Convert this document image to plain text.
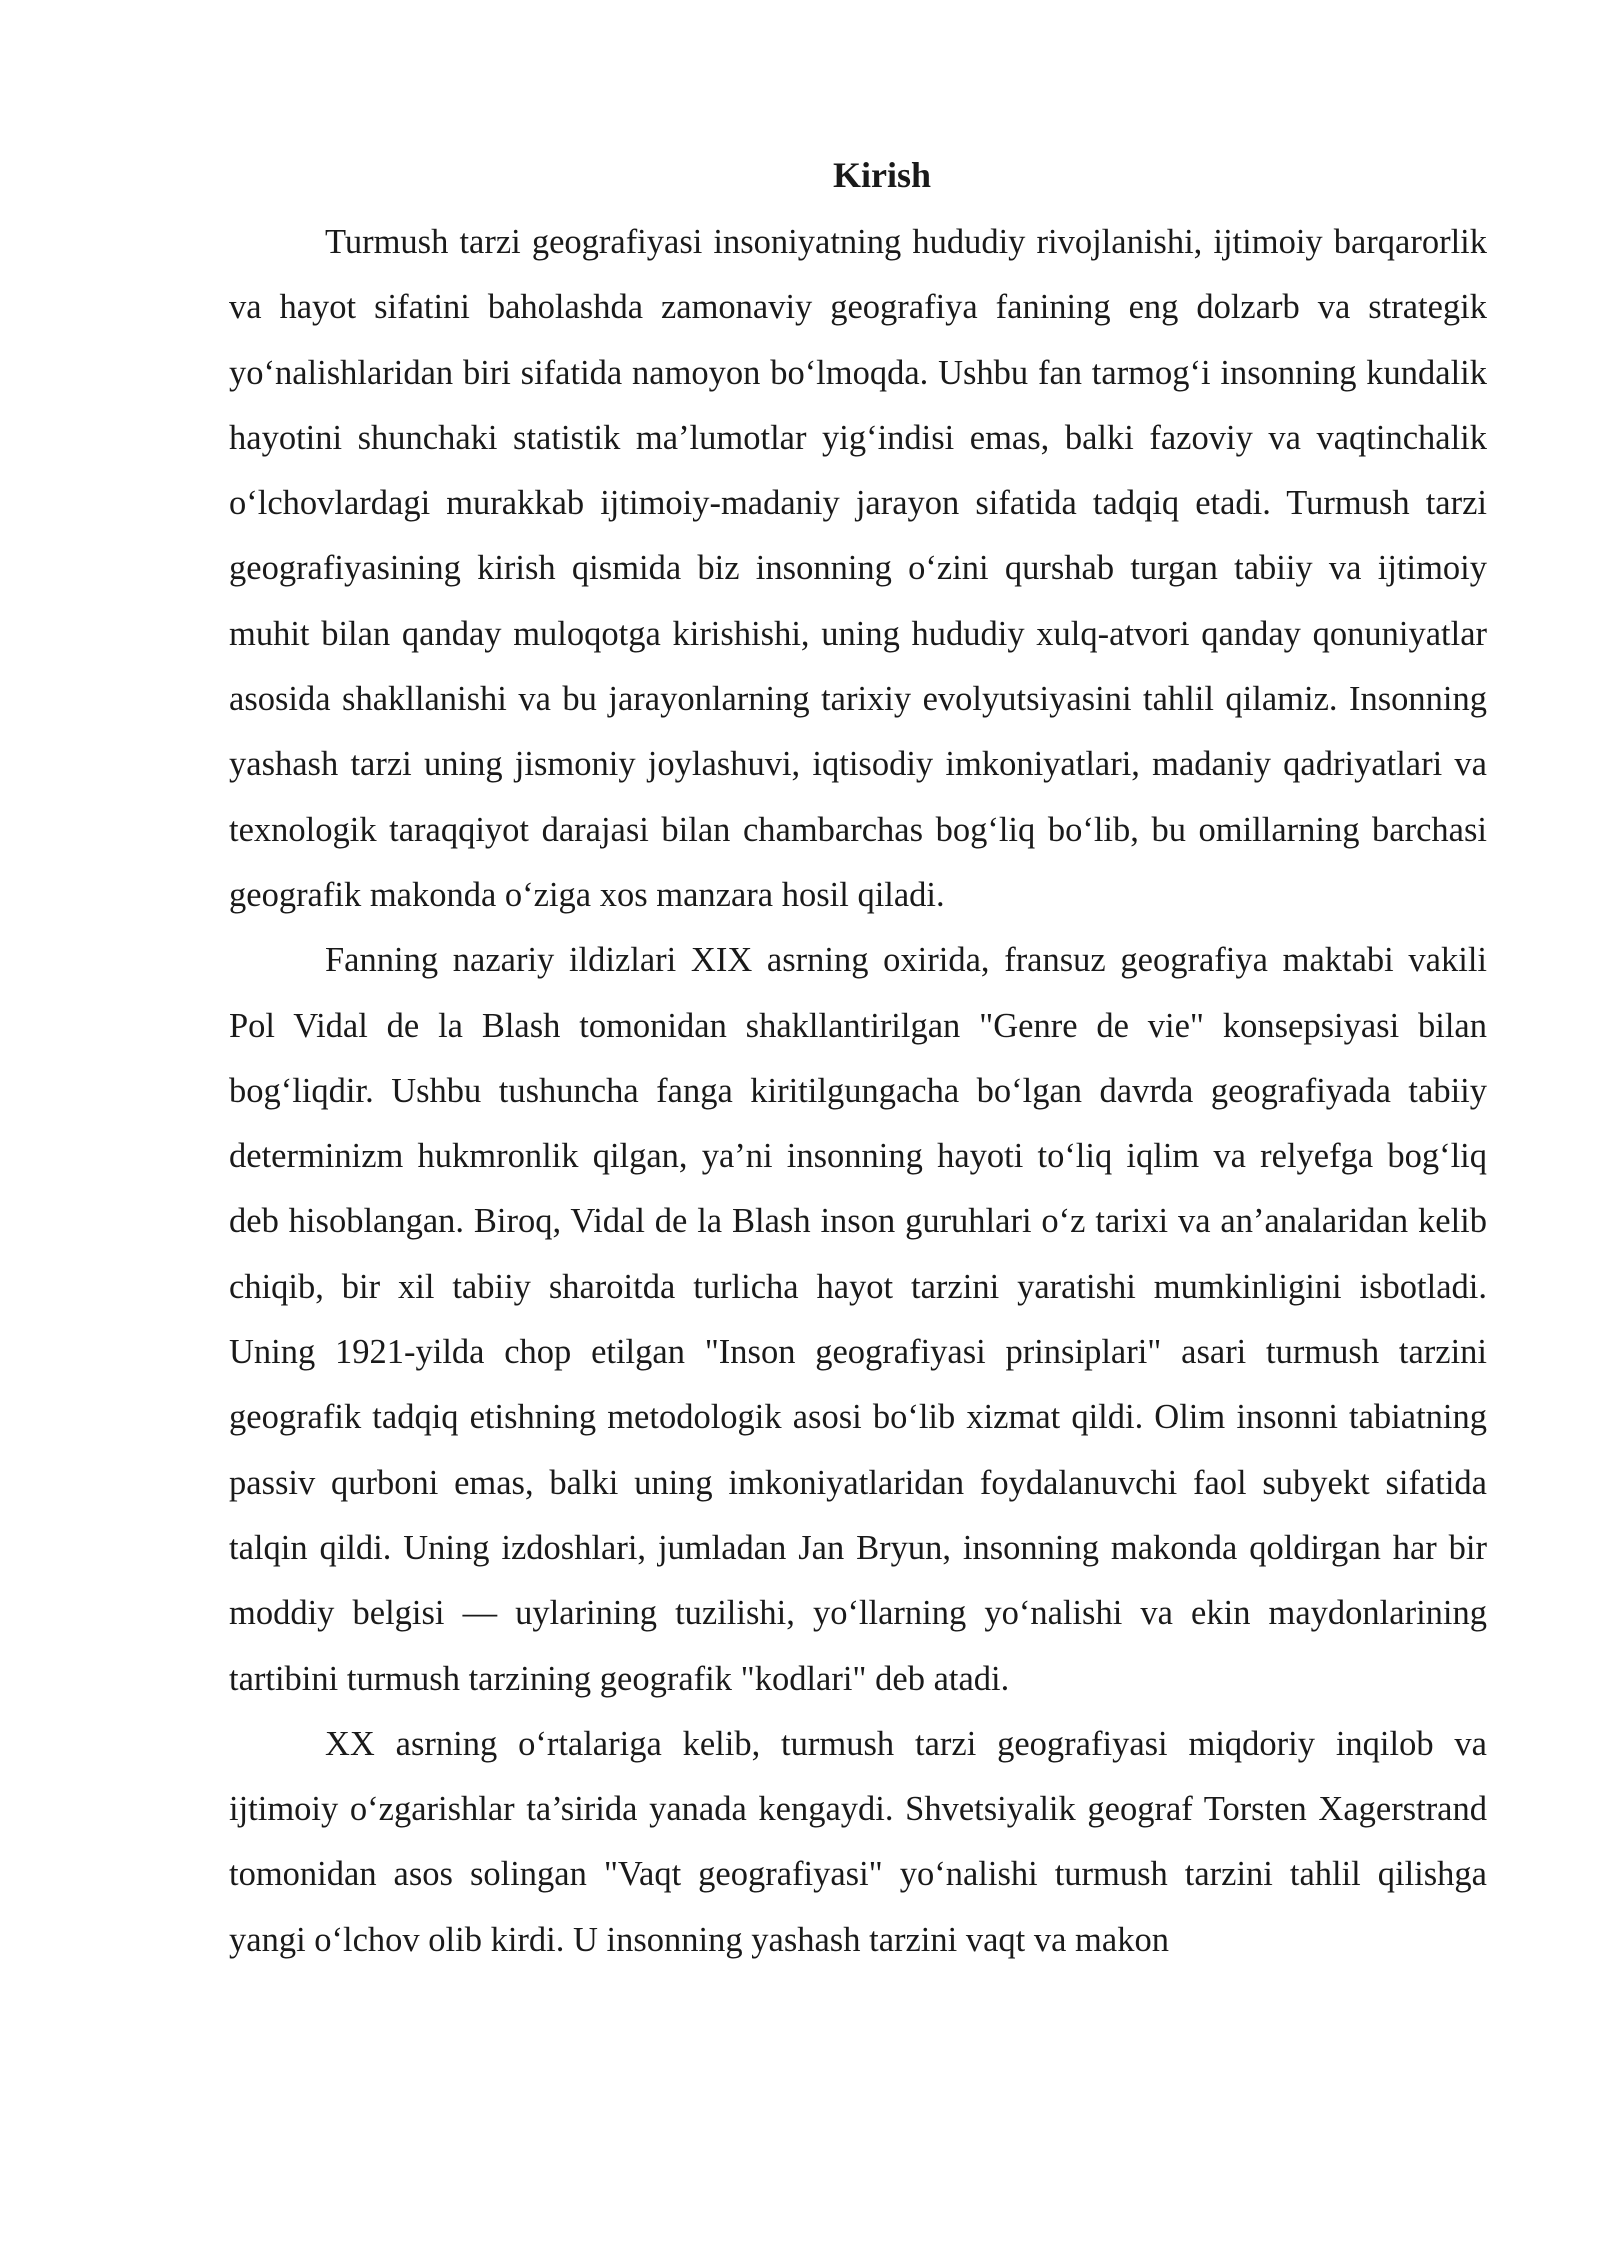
Kirish

Turmush tarzi geografiyasi insoniyatning hududiy rivojlanishi, ijtimoiy barqarorlik va hayot sifatini baholashda zamonaviy geografiya fanining eng dolzarb va strategik yo‘nalishlaridan biri sifatida namoyon bo‘lmoqda. Ushbu fan tarmog‘i insonning kundalik hayotini shunchaki statistik ma’lumotlar yig‘indisi emas, balki fazoviy va vaqtinchalik o‘lchovlardagi murakkab ijtimoiy-madaniy jarayon sifatida tadqiq etadi. Turmush tarzi geografiyasining kirish qismida biz insonning o‘zini qurshab turgan tabiiy va ijtimoiy muhit bilan qanday muloqotga kirishishi, uning hududiy xulq-atvori qanday qonuniyatlar asosida shakllanishi va bu jarayonlarning tarixiy evolyutsiyasini tahlil qilamiz. Insonning yashash tarzi uning jismoniy joylashuvi, iqtisodiy imkoniyatlari, madaniy qadriyatlari va texnologik taraqqiyot darajasi bilan chambarchas bog‘liq bo‘lib, bu omillarning barchasi geografik makonda o‘ziga xos manzara hosil qiladi.

Fanning nazariy ildizlari XIX asrning oxirida, fransuz geografiya maktabi vakili Pol Vidal de la Blash tomonidan shakllantirilgan "Genre de vie" konsepsiyasi bilan bog‘liqdir. Ushbu tushuncha fanga kiritilgungacha bo‘lgan davrda geografiyada tabiiy determinizm hukmronlik qilgan, ya’ni insonning hayoti to‘liq iqlim va relyefga bog‘liq deb hisoblangan. Biroq, Vidal de la Blash inson guruhlari o‘z tarixi va an’analaridan kelib chiqib, bir xil tabiiy sharoitda turlicha hayot tarzini yaratishi mumkinligini isbotladi. Uning 1921-yilda chop etilgan "Inson geografiyasi prinsiplari" asari turmush tarzini geografik tadqiq etishning metodologik asosi bo‘lib xizmat qildi. Olim insonni tabiatning passiv qurboni emas, balki uning imkoniyatlaridan foydalanuvchi faol subyekt sifatida talqin qildi. Uning izdoshlari, jumladan Jan Bryun, insonning makonda qoldirgan har bir moddiy belgisi — uylarining tuzilishi, yo‘llarning yo‘nalishi va ekin maydonlarining tartibini turmush tarzining geografik "kodlari" deb atadi.

XX asrning o‘rtalariga kelib, turmush tarzi geografiyasi miqdoriy inqilob va ijtimoiy o‘zgarishlar ta’sirida yanada kengaydi. Shvetsiyalik geograf Torsten Xagerstrand tomonidan asos solingan "Vaqt geografiyasi" yo‘nalishi turmush tarzini tahlil qilishga yangi o‘lchov olib kirdi. U insonning yashash tarzini vaqt va makon
